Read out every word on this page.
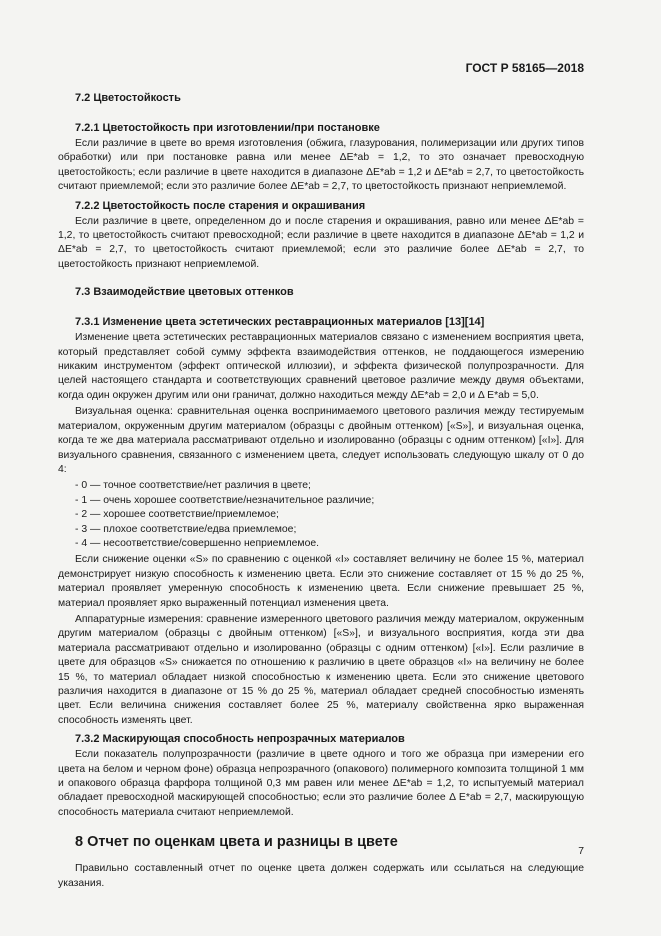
ГОСТ Р 58165—2018
7.2 Цветостойкость
7.2.1 Цветостойкость при изготовлении/при постановке

Если различие в цвете во время изготовления (обжига, глазурования, полимеризации или других типов обработки) или при постановке равна или менее ΔE*ab = 1,2, то это означает превосходную цветостойкость; если различие в цвете находится в диапазоне ΔE*ab = 1,2 и ΔE*ab = 2,7, то цветостойкость считают приемлемой; если это различие более ΔE*ab = 2,7, то цветостойкость признают неприемлемой.

7.2.2 Цветостойкость после старения и окрашивания

Если различие в цвете, определенном до и после старения и окрашивания, равно или менее ΔE*ab = 1,2, то цветостойкость считают превосходной; если различие в цвете находится в диапазоне ΔE*ab = 1,2 и ΔE*ab = 2,7, то цветостойкость считают приемлемой; если это различие более ΔE*ab = 2,7, то цветостойкость признают неприемлемой.

7.3 Взаимодействие цветовых оттенков
7.3.1 Изменение цвета эстетических реставрационных материалов [13][14]

Изменение цвета эстетических реставрационных материалов связано с изменением восприятия цвета, который представляет собой сумму эффекта взаимодействия оттенков, не поддающегося измерению никаким инструментом (эффект оптической иллюзии), и эффекта физической полупрозрачности. Для целей настоящего стандарта и соответствующих сравнений цветовое различие между двумя объектами, когда один окружен другим или они граничат, должно находиться между ΔE*ab = 2,0 и Δ E*ab = 5,0.

Визуальная оценка: сравнительная оценка воспринимаемого цветового различия между тестируемым материалом, окруженным другим материалом (образцы с двойным оттенком) [«S»], и визуальная оценка, когда те же два материала рассматривают отдельно и изолированно (образцы с одним оттенком) [«I»]. Для визуального сравнения, связанного с изменением цвета, следует использовать следующую шкалу от 0 до 4:

- 0 — точное соответствие/нет различия в цвете;
- 1 — очень хорошее соответствие/незначительное различие;
- 2 — хорошее соответствие/приемлемое;
- 3 — плохое соответствие/едва приемлемое;
- 4 — несоответствие/совершенно неприемлемое.

Если снижение оценки «S» по сравнению с оценкой «I» составляет величину не более 15 %, материал демонстрирует низкую способность к изменению цвета. Если это снижение составляет от 15 % до 25 %, материал проявляет умеренную способность к изменению цвета. Если снижение превышает 25 %, материал проявляет ярко выраженный потенциал изменения цвета.

Аппаратурные измерения: сравнение измеренного цветового различия между материалом, окруженным другим материалом (образцы с двойным оттенком) [«S»], и визуального восприятия, когда эти два материала рассматривают отдельно и изолированно (образцы с одним оттенком) [«I»]. Если различие в цвете для образцов «S» снижается по отношению к различию в цвете образцов «I» на величину не более 15 %, то материал обладает низкой способностью к изменению цвета. Если это снижение цветового различия находится в диапазоне от 15 % до 25 %, материал обладает средней способностью изменять цвет. Если величина снижения составляет более 25 %, материалу свойственна ярко выраженная способность изменять цвет.

7.3.2 Маскирующая способность непрозрачных материалов

Если показатель полупрозрачности (различие в цвете одного и того же образца при измерении его цвета на белом и черном фоне) образца непрозрачного (опакового) полимерного композита толщиной 1 мм и опакового образца фарфора толщиной 0,3 мм равен или менее ΔE*ab = 1,2, то испытуемый материал обладает превосходной маскирующей способностью; если это различие более Δ E*ab = 2,7, маскирующую способность материала считают неприемлемой.

8 Отчет по оценкам цвета и разницы в цвете

Правильно составленный отчет по оценке цвета должен содержать или ссылаться на следующие указания.

7
